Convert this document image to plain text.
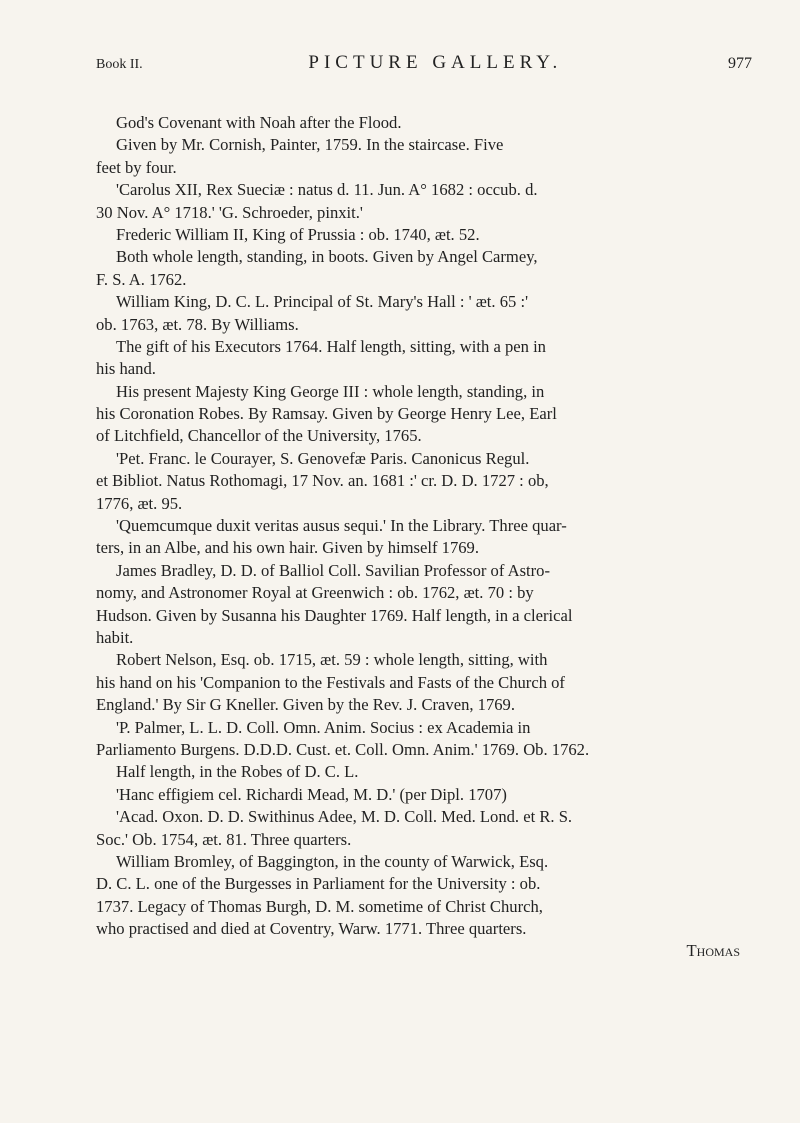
Book II.	PICTURE GALLERY.	977
God's Covenant with Noah after the Flood.
Given by Mr. Cornish, Painter, 1759. In the staircase. Five
feet by four.
'Carolus XII, Rex Sueciæ : natus d. 11. Jun. A° 1682 : occub. d.
30 Nov. A° 1718.' 'G. Schroeder, pinxit.'
Frederic William II, King of Prussia : ob. 1740, æt. 52.
Both whole length, standing, in boots. Given by Angel Carmey,
F. S. A. 1762.
William King, D. C. L. Principal of St. Mary's Hall : ' æt. 65 :'
ob. 1763, æt. 78. By Williams.
The gift of his Executors 1764. Half length, sitting, with a pen in
his hand.
His present Majesty King George III : whole length, standing, in
his Coronation Robes. By Ramsay. Given by George Henry Lee, Earl
of Litchfield, Chancellor of the University, 1765.
'Pet. Franc. le Courayer, S. Genovefæ Paris. Canonicus Regul.
et Bibliot. Natus Rothomagi, 17 Nov. an. 1681 :' cr. D. D. 1727 : ob,
1776, æt. 95.
'Quemcumque duxit veritas ausus sequi.' In the Library. Three quar-
ters, in an Albe, and his own hair. Given by himself 1769.
James Bradley, D. D. of Balliol Coll. Savilian Professor of Astro-
nomy, and Astronomer Royal at Greenwich : ob. 1762, æt. 70 : by
Hudson. Given by Susanna his Daughter 1769. Half length, in a clerical
habit.
Robert Nelson, Esq. ob. 1715, æt. 59 : whole length, sitting, with
his hand on his 'Companion to the Festivals and Fasts of the Church of
England.' By Sir G Kneller. Given by the Rev. J. Craven, 1769.
'P. Palmer, L. L. D. Coll. Omn. Anim. Socius : ex Academia in
Parliamento Burgens. D.D.D. Cust. et. Coll. Omn. Anim.' 1769. Ob. 1762.
Half length, in the Robes of D. C. L.
'Hanc effigiem cel. Richardi Mead, M. D.' (per Dipl. 1707)
'Acad. Oxon. D. D. Swithinus Adee, M. D. Coll. Med. Lond. et R. S.
Soc.' Ob. 1754, æt. 81. Three quarters.
William Bromley, of Baggington, in the county of Warwick, Esq.
D. C. L. one of the Burgesses in Parliament for the University : ob.
1737. Legacy of Thomas Burgh, D. M. sometime of Christ Church,
who practised and died at Coventry, Warw. 1771. Three quarters.
Thomas
